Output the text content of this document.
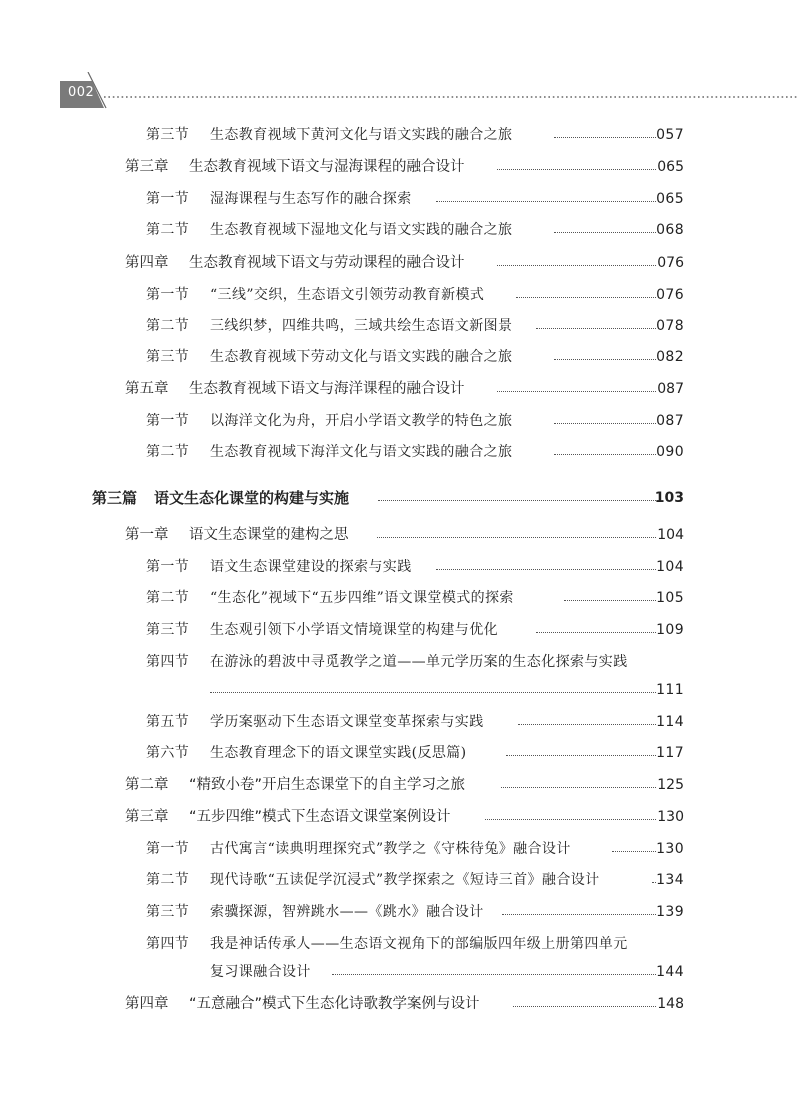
002
第三节 生态教育视域下黄河文化与语文实践的融合之旅	057
第三章 生态教育视域下语文与湿海课程的融合设计	065
第一节 湿海课程与生态写作的融合探索	065
第二节 生态教育视域下湿地文化与语文实践的融合之旅	068
第四章 生态教育视域下语文与劳动课程的融合设计	076
第一节 “三线”交织，生态语文引领劳动教育新模式	076
第二节 三线织梦，四维共鸣，三域共绘生态语文新图景	078
第三节 生态教育视域下劳动文化与语文实践的融合之旅	082
第五章 生态教育视域下语文与海洋课程的融合设计	087
第一节 以海洋文化为舟，开启小学语文教学的特色之旅	087
第二节 生态教育视域下海洋文化与语文实践的融合之旅	090
第三篇 语文生态化课堂的构建与实施	103
第一章 语文生态课堂的建构之思	104
第一节 语文生态课堂建设的探索与实践	104
第二节 “生态化”视域下“五步四维”语文课堂模式的探索	105
第三节 生态观引领下小学语文情境课堂的构建与优化	109
第四节 在游泳的碧波中寻觅教学之道——单元学历案的生态化探索与实践
111
第五节 学历案驱动下生态语文课堂变革探索与实践	114
第六节 生态教育理念下的语文课堂实践(反思篇)	117
第二章 “精致小卷”开启生态课堂下的自主学习之旅	125
第三章 “五步四维”模式下生态语文课堂案例设计	130
第一节 古代寓言“读典明理探究式”教学之《守株待兔》融合设计	130
第二节 现代诗歌“五读促学沉浸式”教学探索之《短诗三首》融合设计	134
第三节 索骥探源，智辨跳水——《跳水》融合设计	139
第四节 我是神话传承人——生态语文视角下的部编版四年级上册第四单元
复习课融合设计	144
第四章 “五意融合”模式下生态化诗歌教学案例与设计	148
